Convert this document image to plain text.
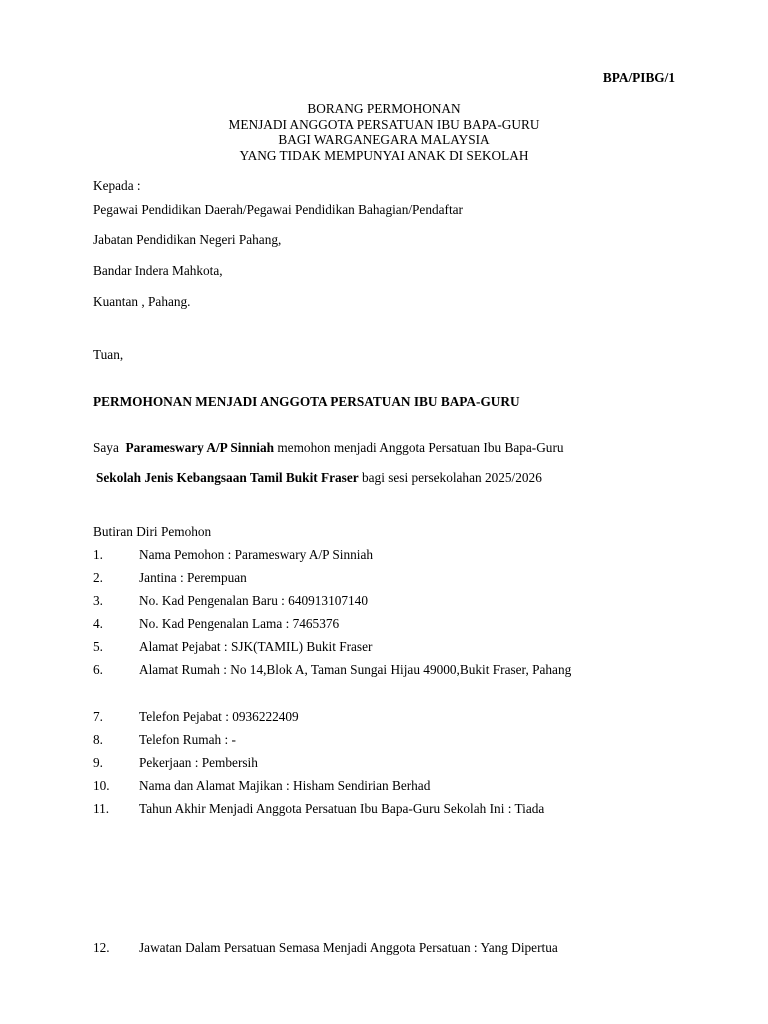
BPA/PIBG/1
BORANG PERMOHONAN
MENJADI ANGGOTA PERSATUAN IBU BAPA-GURU
BAGI WARGANEGARA MALAYSIA
YANG TIDAK MEMPUNYAI ANAK DI SEKOLAH
Kepada :
Pegawai Pendidikan Daerah/Pegawai Pendidikan Bahagian/Pendaftar
Jabatan Pendidikan Negeri Pahang,
Bandar Indera Mahkota,
Kuantan , Pahang.
Tuan,
PERMOHONAN MENJADI ANGGOTA PERSATUAN IBU BAPA-GURU
Saya Parameswary A/P Sinniah memohon menjadi Anggota Persatuan Ibu Bapa-Guru
Sekolah Jenis Kebangsaan Tamil Bukit Fraser bagi sesi persekolahan 2025/2026
Butiran Diri Pemohon
1.	Nama Pemohon : Parameswary A/P Sinniah
2.	Jantina : Perempuan
3.	No. Kad Pengenalan Baru : 640913107140
4.	No. Kad Pengenalan Lama : 7465376
5.	Alamat Pejabat : SJK(TAMIL) Bukit Fraser
6.	Alamat Rumah : No 14,Blok A, Taman Sungai Hijau 49000,Bukit Fraser, Pahang
7.	Telefon Pejabat : 0936222409
8.	Telefon Rumah : -
9.	Pekerjaan : Pembersih
10. Nama dan Alamat Majikan : Hisham Sendirian Berhad
11. Tahun Akhir Menjadi Anggota Persatuan Ibu Bapa-Guru Sekolah Ini : Tiada
12. Jawatan Dalam Persatuan Semasa Menjadi Anggota Persatuan : Yang Dipertua
